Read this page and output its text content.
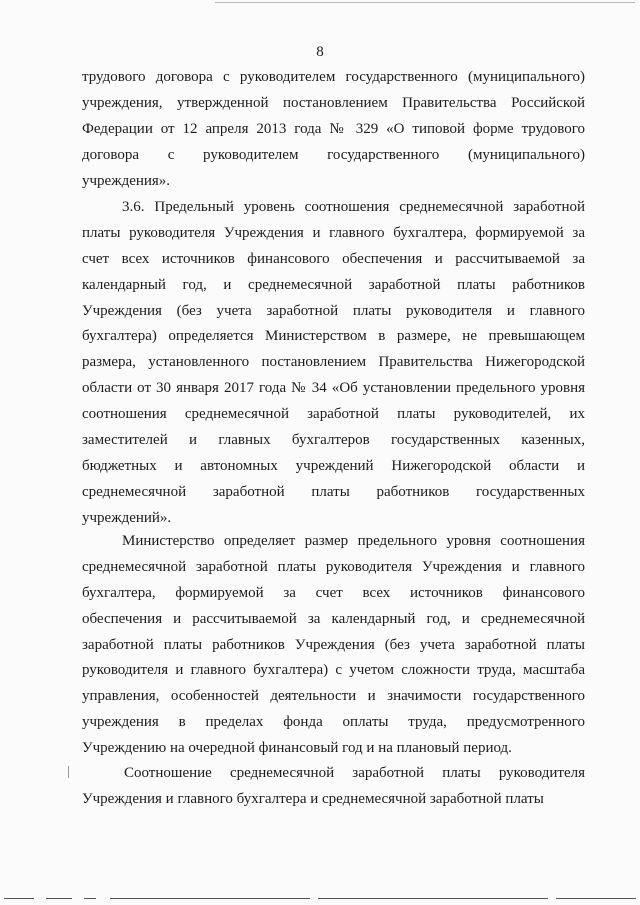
8
трудового договора с руководителем государственного (муниципального)
учреждения, утвержденной постановлением Правительства Российской
Федерации от 12 апреля 2013 года № 329 «О типовой форме трудового
договора с руководителем государственного (муниципального)
учреждения».
3.6. Предельный уровень соотношения среднемесячной заработной
платы руководителя Учреждения и главного бухгалтера, формируемой за
счет всех источников финансового обеспечения и рассчитываемой за
календарный год, и среднемесячной заработной платы работников
Учреждения (без учета заработной платы руководителя и главного
бухгалтера) определяется Министерством в размере, не превышающем
размера, установленного постановлением Правительства Нижегородской
области от 30 января 2017 года № 34 «Об установлении предельного уровня
соотношения среднемесячной заработной платы руководителей, их
заместителей и главных бухгалтеров государственных казенных,
бюджетных и автономных учреждений Нижегородской области и
среднемесячной заработной платы работников государственных
учреждений».
Министерство определяет размер предельного уровня соотношения
среднемесячной заработной платы руководителя Учреждения и главного
бухгалтера, формируемой за счет всех источников финансового
обеспечения и рассчитываемой за календарный год, и среднемесячной
заработной платы работников Учреждения (без учета заработной платы
руководителя и главного бухгалтера) с учетом сложности труда, масштаба
управления, особенностей деятельности и значимости государственного
учреждения в пределах фонда оплаты труда, предусмотренного
Учреждению на очередной финансовый год и на плановый период.
Соотношение среднемесячной заработной платы руководителя
Учреждения и главного бухгалтера и среднемесячной заработной платы
